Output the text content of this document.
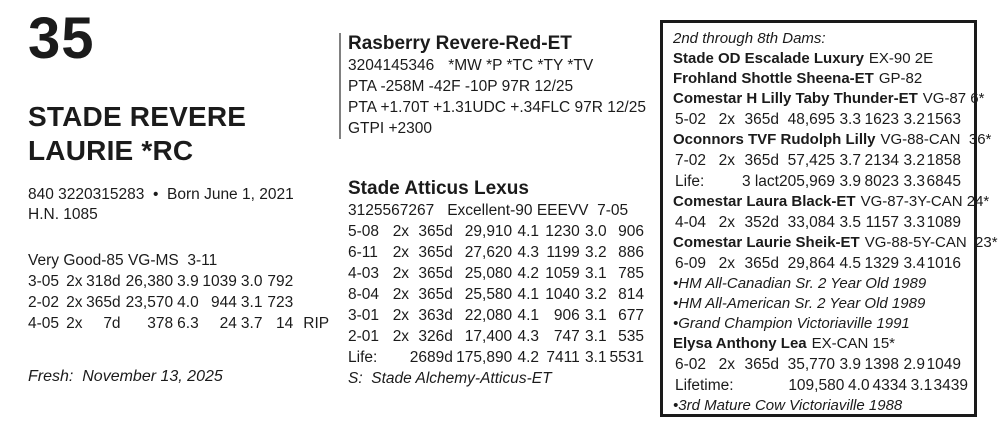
35
STADE REVERE
LAURIE *RC
840 3220315283  •  Born June 1, 2021
H.N. 1085
Very Good-85 VG-MS  3-11
3-05	2x	318d	26,380	3.9	1039	3.0	792	
2-02	2x	365d	23,570	4.0	944	3.1	723	
4-05	2x	7d	378	6.3	24	3.7	14	RIP
Fresh:  November 13, 2025
Rasberry Revere-Red-ET
3204145346 *MW *P *TC *TY *TV
PTA -258M -42F -10P 97R 12/25
PTA +1.70T +1.31UDC +.34FLC 97R 12/25
GTPI +2300
Stade Atticus Lexus
3125567267 Excellent-90 EEEVV  7-05
5-08	2x	365d	29,910	4.1	1230	3.0	906
6-11	2x	365d	27,620	4.3	1199	3.2	886
4-03	2x	365d	25,080	4.2	1059	3.1	785
8-04	2x	365d	25,580	4.1	1040	3.2	814
3-01	2x	363d	22,080	4.1	906	3.1	677
2-01	2x	326d	17,400	4.3	747	3.1	535
Life:		2689d	175,890	4.2	7411	3.1	5531
S:  Stade Alchemy-Atticus-ET
2nd through 8th Dams:
Stade OD Escalade Luxury EX-90 2E
Frohland Shottle Sheena-ET GP-82
Comestar H Lilly Taby Thunder-ET VG-87 6*
5-02	2x	365d	48,695	3.3	1623	3.2	1563
Oconnors TVF Rudolph Lilly VG-88-CAN  36*
7-02	2x	365d	57,425	3.7	2134	3.2	1858
Life:		3 lact	205,969	3.9	8023	3.3	6845
Comestar Laura Black-ET VG-87-3Y-CAN 24*
4-04	2x	352d	33,084	3.5	1157	3.3	1089
Comestar Laurie Sheik-ET VG-88-5Y-CAN  23*
6-09	2x	365d	29,864	4.5	1329	3.4	1016
•HM All-Canadian Sr. 2 Year Old 1989
•HM All-American Sr. 2 Year Old 1989
•Grand Champion Victoriaville 1991
Elysa Anthony Lea EX-CAN 15*
6-02	2x	365d	35,770	3.9	1398	2.9	1049
Lifetime:			109,580	4.0	4334	3.1	3439
•3rd Mature Cow Victoriaville 1988
